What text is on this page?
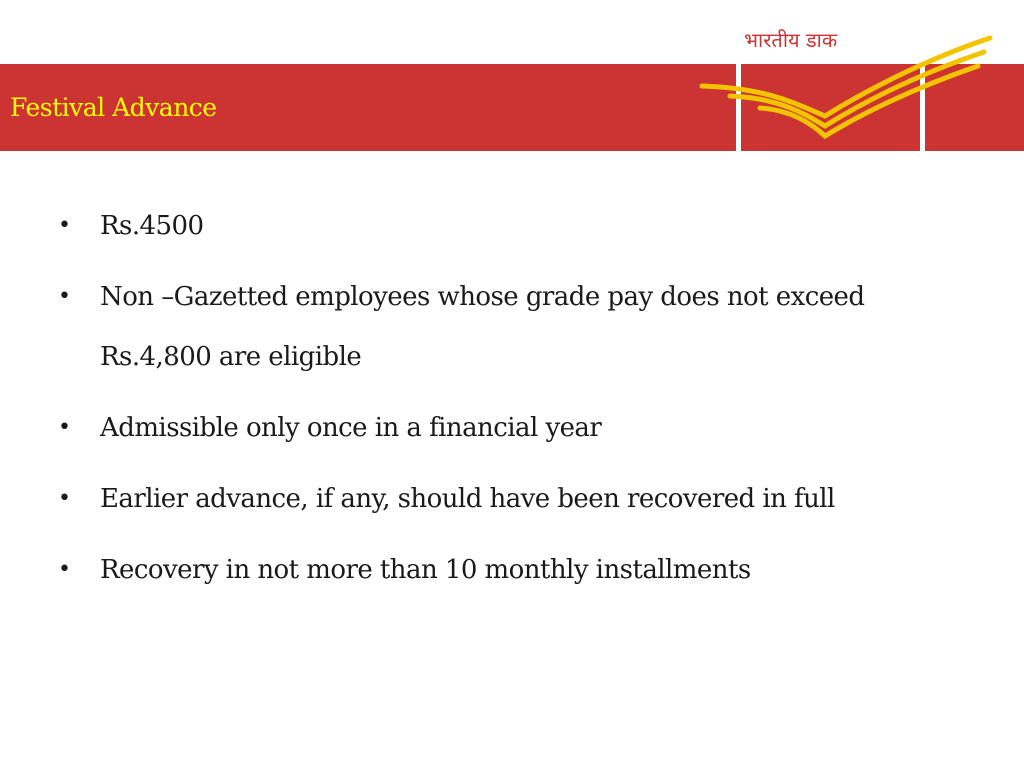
Festival Advance
भारतीय डाक
• Rs.4500
• Non –Gazetted employees whose grade pay does not exceed Rs.4,800 are eligible
• Admissible only once in a financial year
• Earlier advance, if any, should have been recovered in full
• Recovery in not more than 10 monthly installments
